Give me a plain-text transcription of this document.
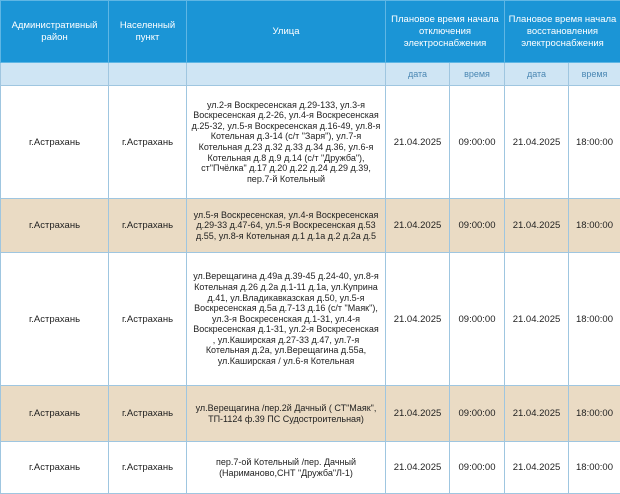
Административный район	Населенный пункт	Улица	Плановое время начала отключения электроснабжения		Плановое время начала восстановления электроснабжения	
			дата	время	дата	время
г.Астрахань	г.Астрахань	ул.2-я Воскресенская д.29-133, ул.3-я Воскресенская д.2-26, ул.4-я Воскресенская д.25-32, ул.5-я Воскресенская д.16-49, ул.8-я Котельная д.3-14 (с/т "Заря"), ул.7-я Котельная д.23 д.32 д.33 д.34 д.36, ул.6-я Котельная д.8 д.9 д.14 (с/т "Дружба"), ст"Пчёлка" д.17 д.20 д.22 д.24 д.29 д.39, пер.7-й Котельный	21.04.2025	09:00:00	21.04.2025	18:00:00
г.Астрахань	г.Астрахань	ул.5-я Воскресенская, ул.4-я Воскресенская д.29-33 д.47-64, ул.5-я Воскресенская д.53 д.55, ул.8-я Котельная д.1 д.1а д.2 д.2а д.5	21.04.2025	09:00:00	21.04.2025	18:00:00
г.Астрахань	г.Астрахань	ул.Верещагина д.49а д.39-45 д.24-40, ул.8-я Котельная д.26 д.2а д.1-11 д.1а, ул.Куприна д.41, ул.Владикавказская д.50, ул.5-я Воскресенская д.5а д.7-13 д.16 (с/т "Маяк"), ул.3-я Воскресенская д.1-31, ул.4-я Воскресенская д.1-31, ул.2-я Воскресенская , ул.Каширская д.27-33 д.47, ул.7-я Котельная д.2а, ул.Верещагина д.55а, ул.Каширская / ул.6-я Котельная	21.04.2025	09:00:00	21.04.2025	18:00:00
г.Астрахань	г.Астрахань	ул.Верещагина /пер.2й Дачный ( СТ"Маяк", ТП-1124 ф.39 ПС Судостроительная)	21.04.2025	09:00:00	21.04.2025	18:00:00
г.Астрахань	г.Астрахань	пер.7-ой Котельный /пер. Дачный (Нариманово,СНТ "Дружба"Л-1)	21.04.2025	09:00:00	21.04.2025	18:00:00
